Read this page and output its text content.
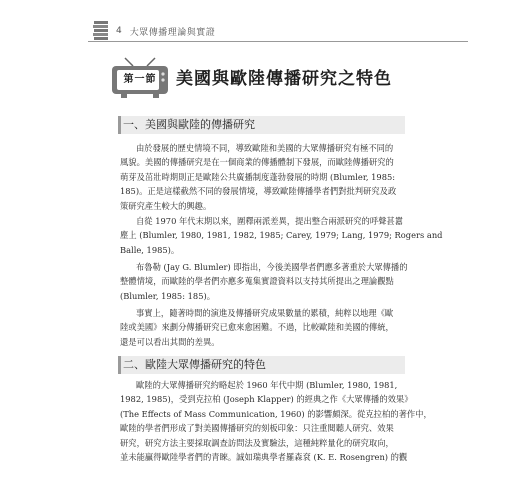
4 大眾傳播理論與實證
第一節 美國與歐陸傳播研究之特色
一、美國與歐陸的傳播研究

由於發展的歷史情境不同，導致歐陸和美國的大眾傳播研究有極不同的
風貌。美國的傳播研究是在一個商業的傳播體制下發展，而歐陸傳播研究的
萌芽及茁壯時期則正是歐陸公共廣播制度蓬勃發展的時期 (Blumler, 1985:
185)。正是這樣截然不同的發展情境，導致歐陸傳播學者們對批判研究及政
策研究產生較大的興趣。

自從 1970 年代末期以來，圍釋兩派差異，提出整合兩派研究的呼聲甚囂
塵上 (Blumler, 1980, 1981, 1982, 1985; Carey, 1979; Lang, 1979; Rogers and
Balle, 1985)。

布魯勒 (Jay G. Blumler) 即指出，今後美國學者們應多著重於大眾傳播的
整體情境，而歐陸的學者們亦應多蒐集實證資料以支持其所提出之理論觀點
(Blumler, 1985: 185)。

事實上，隨著時間的演進及傳播研究成果數量的累積，純粹以地理《歐
陸或美國》來劃分傳播研究已愈來愈困難。不過，比較歐陸和美國的傳統，
還是可以看出其間的差異。

二、歐陸大眾傳播研究的特色

歐陸的大眾傳播研究約略起於 1960 年代中期 (Blumler, 1980, 1981,
1982, 1985)，受到克拉柏 (Joseph Klapper) 的經典之作《大眾傳播的效果》
(The Effects of Mass Communication, 1960) 的影響頗深。從克拉柏的著作中，
歐陸的學者們形成了對美國傳播研究的刻板印象：只注重閱聽人研究、效果
研究，研究方法主要採取調查訪問法及實驗法，這種純粹量化的研究取向，
並未能贏得歐陸學者們的青睞。誠如瑞典學者羅森袞 (K. E. Rosengren) 的觀
